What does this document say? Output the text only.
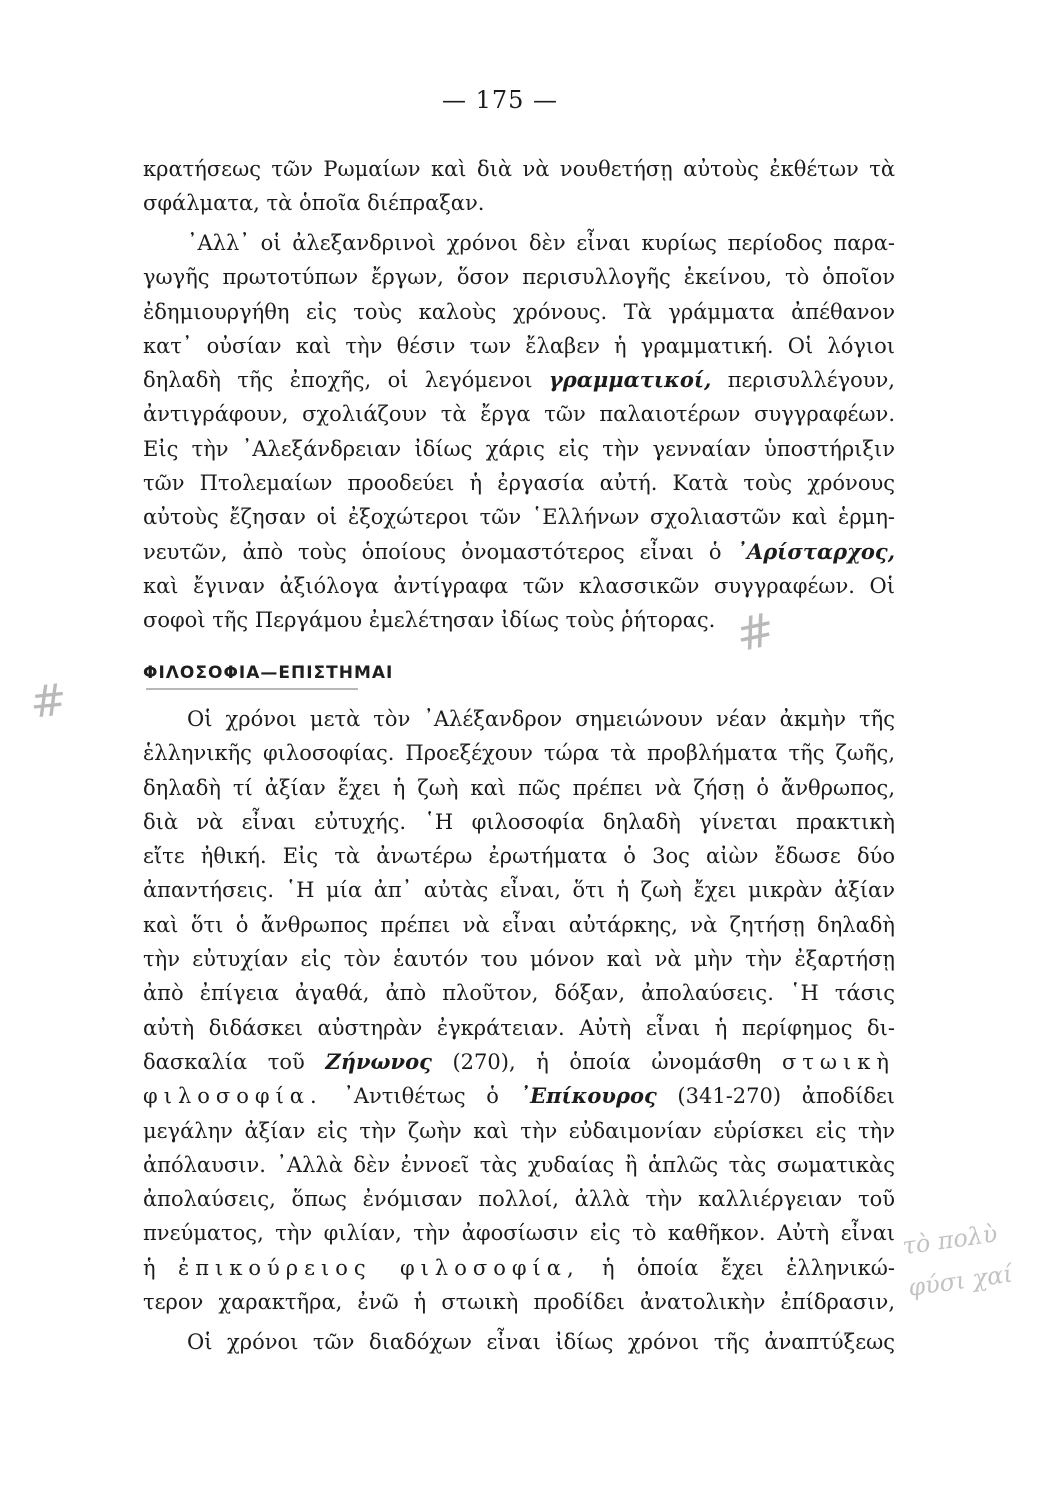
— 175 —
κρατήσεως τῶν Ρωμαίων καὶ διὰ νὰ νουθετήσῃ αὐτοὺς ἐκθέτων τὰ
σφάλματα, τὰ ὁποῖα διέπραξαν.
᾿Αλλ᾿ οἱ ἀλεξανδρινοὶ χρόνοι δὲν εἶναι κυρίως περίοδος παρα-
γωγῆς πρωτοτύπων ἔργων, ὅσον περισυλλογῆς ἐκείνου, τὸ ὁποῖον
ἐδημιουργήθη εἰς τοὺς καλοὺς χρόνους. Τὰ γράμματα ἀπέθανον
κατ᾿ οὐσίαν καὶ τὴν θέσιν των ἔλαβεν ἡ γραμματική. Οἱ λόγιοι
δηλαδὴ τῆς ἐποχῆς, οἱ λεγόμενοι γραμματικοί, περισυλλέγουν,
ἀντιγράφουν, σχολιάζουν τὰ ἔργα τῶν παλαιοτέρων συγγραφέων.
Εἰς τὴν ᾿Αλεξάνδρειαν ἰδίως χάρις εἰς τὴν γενναίαν ὑποστήριξιν
τῶν Πτολεμαίων προοδεύει ἡ ἐργασία αὐτή. Κατὰ τοὺς χρόνους
αὐτοὺς ἔζησαν οἱ ἐξοχώτεροι τῶν ῾Ελλήνων σχολιαστῶν καὶ ἑρμη-
νευτῶν, ἀπὸ τοὺς ὁποίους ὀνομαστότερος εἶναι ὁ ᾿Αρίσταρχος,
καὶ ἔγιναν ἀξιόλογα ἀντίγραφα τῶν κλασσικῶν συγγραφέων. Οἱ
σοφοὶ τῆς Περγάμου ἐμελέτησαν ἰδίως τοὺς ῥήτορας. #
ΦΙΛΟΣΟΦΙΑ—ΕΠΙΣΤΗΜΑΙ
#	Οἱ χρόνοι μετὰ τὸν ᾿Αλέξανδρον σημειώνουν νέαν ἀκμὴν τῆς
ἑλληνικῆς φιλοσοφίας. Προεξέχουν τώρα τὰ προβλήματα τῆς ζωῆς,
δηλαδὴ τί ἀξίαν ἔχει ἡ ζωὴ καὶ πῶς πρέπει νὰ ζήσῃ ὁ ἄνθρωπος,
διὰ νὰ εἶναι εὐτυχής. ῾Η φιλοσοφία δηλαδὴ γίνεται πρακτικὴ
εἴτε ἠθική. Εἰς τὰ ἀνωτέρω ἐρωτήματα ὁ 3ος αἰὼν ἔδωσε δύο
ἀπαντήσεις. ῾Η μία ἀπ᾿ αὐτὰς εἶναι, ὅτι ἡ ζωὴ ἔχει μικρὰν ἀξίαν
καὶ ὅτι ὁ ἄνθρωπος πρέπει νὰ εἶναι αὐτάρκης, νὰ ζητήσῃ δηλαδὴ
τὴν εὐτυχίαν εἰς τὸν ἑαυτόν του μόνον καὶ νὰ μὴν τὴν ἐξαρτήσῃ
ἀπὸ ἐπίγεια ἀγαθά, ἀπὸ πλοῦτον, δόξαν, ἀπολαύσεις. ῾Η τάσις
αὐτὴ διδάσκει αὐστηρὰν ἐγκράτειαν. Αὐτὴ εἶναι ἡ περίφημος δι-
δασκαλία τοῦ Ζήνωνος (270), ἡ ὁποία ὠνομάσθη στωικὴ
φιλοσοφία. ᾿Αντιθέτως ὁ ᾿Επίκουρος (341-270) ἀποδίδει
μεγάλην ἀξίαν εἰς τὴν ζωὴν καὶ τὴν εὐδαιμονίαν εὑρίσκει εἰς τὴν
ἀπόλαυσιν. ᾿Αλλὰ δὲν ἐννοεῖ τὰς χυδαίας ἢ ἁπλῶς τὰς σωματικὰς
ἀπολαύσεις, ὅπως ἐνόμισαν πολλοί, ἀλλὰ τὴν καλλιέργειαν τοῦ
πνεύματος, τὴν φιλίαν, τὴν ἀφοσίωσιν εἰς τὸ καθῆκον. Αὐτὴ εἶναι
ἡ ἐπικούρειος φιλοσοφία, ἡ ὁποία ἔχει ἑλληνικώ-
τερον χαρακτῆρα, ἐνῶ ἡ στωικὴ προδίδει ἀνατολικὴν ἐπίδρασιν,
Οἱ χρόνοι τῶν διαδόχων εἶναι ἰδίως χρόνοι τῆς ἀναπτύξεως
τὸ πολὺ
φύσι χαί
